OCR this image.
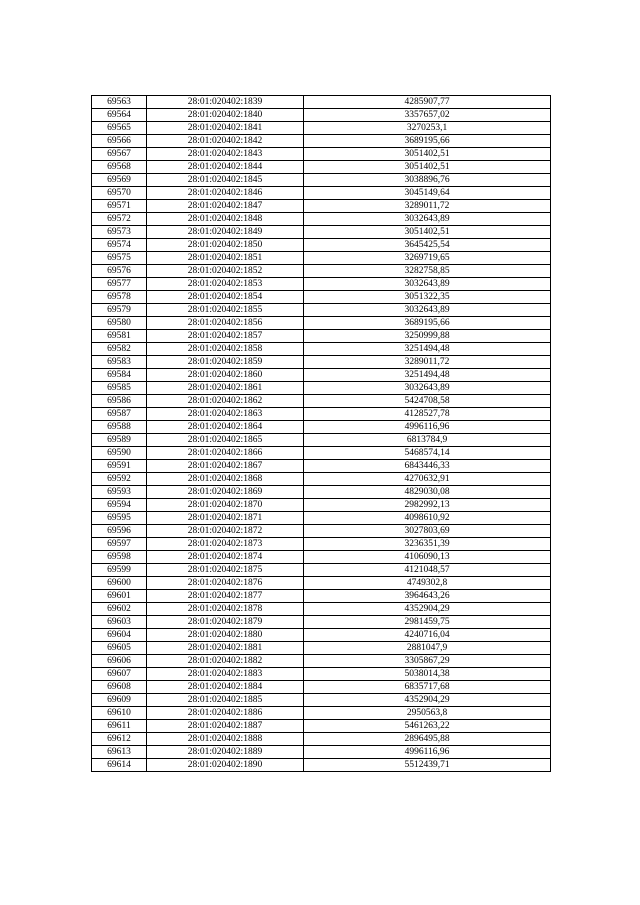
69563	28:01:020402:1839	4285907,77
69564	28:01:020402:1840	3357657,02
69565	28:01:020402:1841	3270253,1
69566	28:01:020402:1842	3689195,66
69567	28:01:020402:1843	3051402,51
69568	28:01:020402:1844	3051402,51
69569	28:01:020402:1845	3038896,76
69570	28:01:020402:1846	3045149,64
69571	28:01:020402:1847	3289011,72
69572	28:01:020402:1848	3032643,89
69573	28:01:020402:1849	3051402,51
69574	28:01:020402:1850	3645425,54
69575	28:01:020402:1851	3269719,65
69576	28:01:020402:1852	3282758,85
69577	28:01:020402:1853	3032643,89
69578	28:01:020402:1854	3051322,35
69579	28:01:020402:1855	3032643,89
69580	28:01:020402:1856	3689195,66
69581	28:01:020402:1857	3250999,88
69582	28:01:020402:1858	3251494,48
69583	28:01:020402:1859	3289011,72
69584	28:01:020402:1860	3251494,48
69585	28:01:020402:1861	3032643,89
69586	28:01:020402:1862	5424708,58
69587	28:01:020402:1863	4128527,78
69588	28:01:020402:1864	4996116,96
69589	28:01:020402:1865	6813784,9
69590	28:01:020402:1866	5468574,14
69591	28:01:020402:1867	6843446,33
69592	28:01:020402:1868	4270632,91
69593	28:01:020402:1869	4829030,08
69594	28:01:020402:1870	2982992,13
69595	28:01:020402:1871	4098610,92
69596	28:01:020402:1872	3027803,69
69597	28:01:020402:1873	3236351,39
69598	28:01:020402:1874	4106090,13
69599	28:01:020402:1875	4121048,57
69600	28:01:020402:1876	4749302,8
69601	28:01:020402:1877	3964643,26
69602	28:01:020402:1878	4352904,29
69603	28:01:020402:1879	2981459,75
69604	28:01:020402:1880	4240716,04
69605	28:01:020402:1881	2881047,9
69606	28:01:020402:1882	3305867,29
69607	28:01:020402:1883	5038014,38
69608	28:01:020402:1884	6835717,68
69609	28:01:020402:1885	4352904,29
69610	28:01:020402:1886	2950563,8
69611	28:01:020402:1887	5461263,22
69612	28:01:020402:1888	2896495,88
69613	28:01:020402:1889	4996116,96
69614	28:01:020402:1890	5512439,71
